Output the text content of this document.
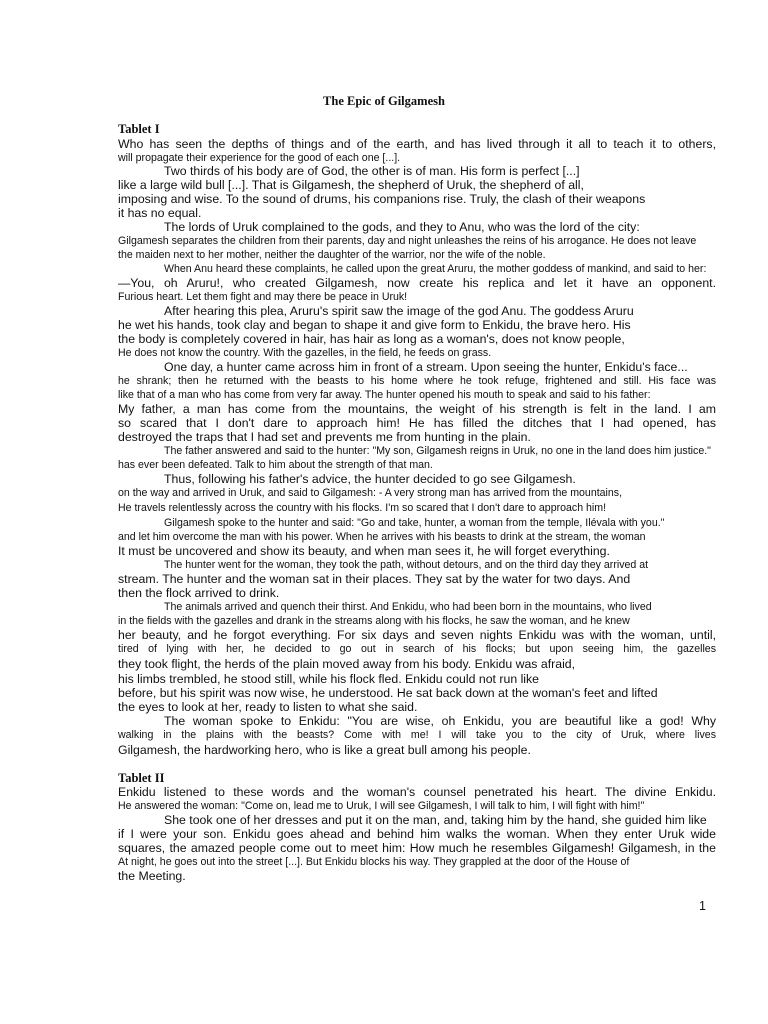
The Epic of Gilgamesh
Tablet I
Who has seen the depths of things and of the earth, and has lived through it all to teach it to others,
will propagate their experience for the good of each one [...].
Two thirds of his body are of God, the other is of man. His form is perfect [...]
like a large wild bull [...]. That is Gilgamesh, the shepherd of Uruk, the shepherd of all,
imposing and wise. To the sound of drums, his companions rise. Truly, the clash of their weapons
it has no equal.
The lords of Uruk complained to the gods, and they to Anu, who was the lord of the city:
Gilgamesh separates the children from their parents, day and night unleashes the reins of his arrogance. He does not leave
the maiden next to her mother, neither the daughter of the warrior, nor the wife of the noble.
When Anu heard these complaints, he called upon the great Aruru, the mother goddess of mankind, and said to her:
—You, oh Aruru!, who created Gilgamesh, now create his replica and let it have an opponent.
Furious heart. Let them fight and may there be peace in Uruk!
After hearing this plea, Aruru's spirit saw the image of the god Anu. The goddess Aruru
he wet his hands, took clay and began to shape it and give form to Enkidu, the brave hero. His
the body is completely covered in hair, has hair as long as a woman's, does not know people,
He does not know the country. With the gazelles, in the field, he feeds on grass.
One day, a hunter came across him in front of a stream. Upon seeing the hunter, Enkidu's face...
he shrank; then he returned with the beasts to his home where he took refuge, frightened and still. His face was
like that of a man who has come from very far away. The hunter opened his mouth to speak and said to his father:
My father, a man has come from the mountains, the weight of his strength is felt in the land. I am
so scared that I don't dare to approach him! He has filled the ditches that I had opened, has
destroyed the traps that I had set and prevents me from hunting in the plain.
The father answered and said to the hunter: "My son, Gilgamesh reigns in Uruk, no one in the land does him justice."
has ever been defeated. Talk to him about the strength of that man.
Thus, following his father's advice, the hunter decided to go see Gilgamesh.
on the way and arrived in Uruk, and said to Gilgamesh: - A very strong man has arrived from the mountains,
He travels relentlessly across the country with his flocks. I'm so scared that I don't dare to approach him!
Gilgamesh spoke to the hunter and said: "Go and take, hunter, a woman from the temple, Ilévala with you."
and let him overcome the man with his power. When he arrives with his beasts to drink at the stream, the woman
It must be uncovered and show its beauty, and when man sees it, he will forget everything.
The hunter went for the woman, they took the path, without detours, and on the third day they arrived at
stream. The hunter and the woman sat in their places. They sat by the water for two days. And
then the flock arrived to drink.
The animals arrived and quench their thirst. And Enkidu, who had been born in the mountains, who lived
in the fields with the gazelles and drank in the streams along with his flocks, he saw the woman, and he knew
her beauty, and he forgot everything. For six days and seven nights Enkidu was with the woman, until,
tired of lying with her, he decided to go out in search of his flocks; but upon seeing him, the gazelles
they took flight, the herds of the plain moved away from his body. Enkidu was afraid,
his limbs trembled, he stood still, while his flock fled. Enkidu could not run like
before, but his spirit was now wise, he understood. He sat back down at the woman's feet and lifted
the eyes to look at her, ready to listen to what she said.
The woman spoke to Enkidu: "You are wise, oh Enkidu, you are beautiful like a god! Why
walking in the plains with the beasts? Come with me! I will take you to the city of Uruk, where lives
Gilgamesh, the hardworking hero, who is like a great bull among his people.
Tablet II
Enkidu listened to these words and the woman's counsel penetrated his heart. The divine Enkidu.
He answered the woman: "Come on, lead me to Uruk, I will see Gilgamesh, I will talk to him, I will fight with him!"
She took one of her dresses and put it on the man, and, taking him by the hand, she guided him like
if I were your son. Enkidu goes ahead and behind him walks the woman. When they enter Uruk wide
squares, the amazed people come out to meet him: How much he resembles Gilgamesh! Gilgamesh, in the
At night, he goes out into the street [...]. But Enkidu blocks his way. They grappled at the door of the House of
the Meeting.
1
